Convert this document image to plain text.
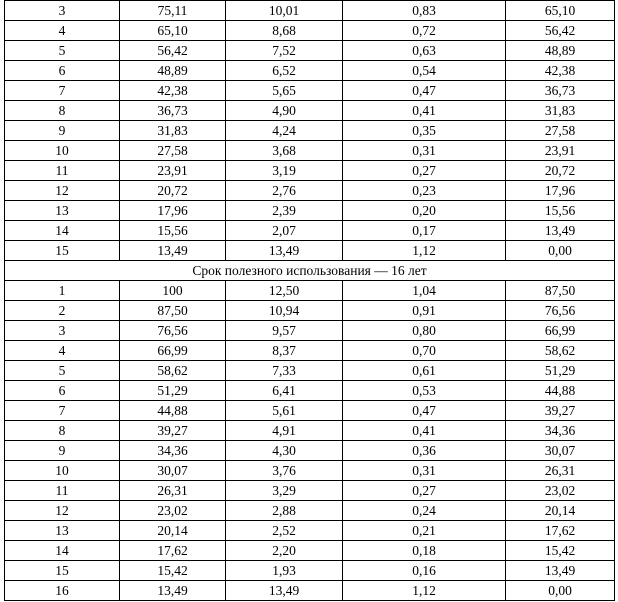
3	75,11	10,01	0,83	65,10
4	65,10	8,68	0,72	56,42
5	56,42	7,52	0,63	48,89
6	48,89	6,52	0,54	42,38
7	42,38	5,65	0,47	36,73
8	36,73	4,90	0,41	31,83
9	31,83	4,24	0,35	27,58
10	27,58	3,68	0,31	23,91
11	23,91	3,19	0,27	20,72
12	20,72	2,76	0,23	17,96
13	17,96	2,39	0,20	15,56
14	15,56	2,07	0,17	13,49
15	13,49	13,49	1,12	0,00
Срок полезного использования — 16 лет				
1	100	12,50	1,04	87,50
2	87,50	10,94	0,91	76,56
3	76,56	9,57	0,80	66,99
4	66,99	8,37	0,70	58,62
5	58,62	7,33	0,61	51,29
6	51,29	6,41	0,53	44,88
7	44,88	5,61	0,47	39,27
8	39,27	4,91	0,41	34,36
9	34,36	4,30	0,36	30,07
10	30,07	3,76	0,31	26,31
11	26,31	3,29	0,27	23,02
12	23,02	2,88	0,24	20,14
13	20,14	2,52	0,21	17,62
14	17,62	2,20	0,18	15,42
15	15,42	1,93	0,16	13,49
16	13,49	13,49	1,12	0,00
